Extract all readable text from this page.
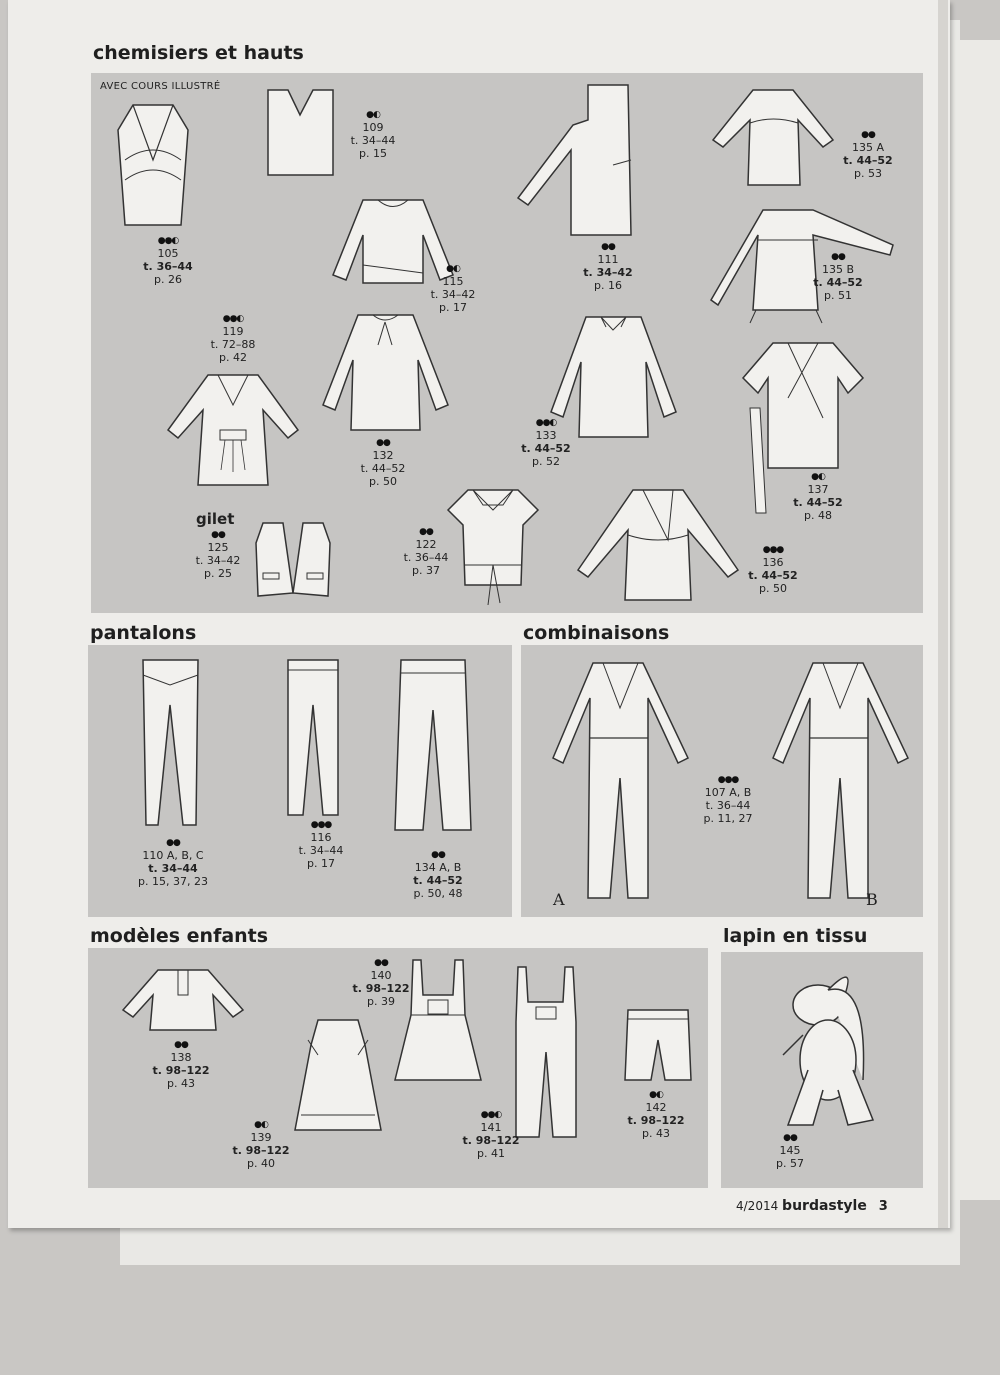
chemisiers et hauts
AVEC COURS ILLUSTRÉ
●●◐
105
t. 36–44
p. 26
●◐
109
t. 34–44
p. 15
●◐
115
t. 34–42
p. 17
●●
111
t. 34–42
p. 16
●●
135 A
t. 44–52
p. 53
●●
135 B
t. 44–52
p. 51
●●◐
119
t. 72–88
p. 42
●●
132
t. 44–52
p. 50
●●◐
133
t. 44–52
p. 52
●◐
137
t. 44–52
p. 48
gilet
●●
125
t. 34–42
p. 25
●●
122
t. 36–44
p. 37
●●●
136
t. 44–52
p. 50
pantalons
●●
110 A, B, C
t. 34–44
p. 15, 37, 23
●●●
116
t. 34–44
p. 17
●●
134 A, B
t. 44–52
p. 50, 48
combinaisons
A
●●●
107 A, B
t. 36–44
p. 11, 27
B
modèles enfants
●●
138
t. 98–122
p. 43
●◐
139
t. 98–122
p. 40
●●
140
t. 98–122
p. 39
●●◐
141
t. 98–122
p. 41
●◐
142
t. 98–122
p. 43
lapin en tissu
●●
145
p. 57
4/2014 burdastyle 3
